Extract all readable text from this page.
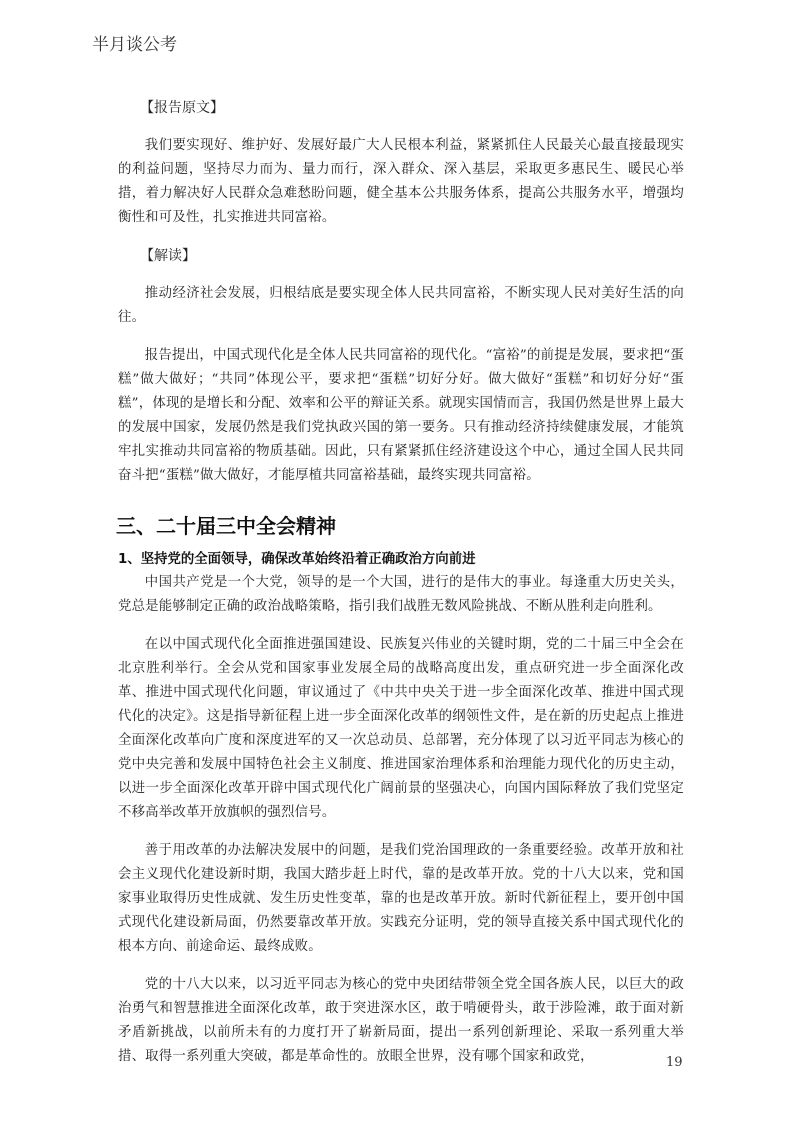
半月谈公考
【报告原文】

我们要实现好、维护好、发展好最广大人民根本利益，紧紧抓住人民最关心最直接最现实的利益问题，坚持尽力而为、量力而行，深入群众、深入基层，采取更多惠民生、暖民心举措，着力解决好人民群众急难愁盼问题，健全基本公共服务体系，提高公共服务水平，增强均衡性和可及性，扎实推进共同富裕。

【解读】

推动经济社会发展，归根结底是要实现全体人民共同富裕，不断实现人民对美好生活的向往。

报告提出，中国式现代化是全体人民共同富裕的现代化。“富裕”的前提是发展，要求把“蛋糕”做大做好；“共同”体现公平，要求把“蛋糕”切好分好。做大做好“蛋糕”和切好分好“蛋糕”，体现的是增长和分配、效率和公平的辩证关系。就现实国情而言，我国仍然是世界上最大的发展中国家，发展仍然是我们党执政兴国的第一要务。只有推动经济持续健康发展，才能筑牢扎实推动共同富裕的物质基础。因此，只有紧紧抓住经济建设这个中心，通过全国人民共同奋斗把“蛋糕”做大做好，才能厚植共同富裕基础，最终实现共同富裕。

三、二十届三中全会精神
1、坚持党的全面领导，确保改革始终沿着正确政治方向前进

中国共产党是一个大党，领导的是一个大国，进行的是伟大的事业。每逢重大历史关头，党总是能够制定正确的政治战略策略，指引我们战胜无数风险挑战、不断从胜利走向胜利。

在以中国式现代化全面推进强国建设、民族复兴伟业的关键时期，党的二十届三中全会在北京胜利举行。全会从党和国家事业发展全局的战略高度出发，重点研究进一步全面深化改革、推进中国式现代化问题，审议通过了《中共中央关于进一步全面深化改革、推进中国式现代化的决定》。这是指导新征程上进一步全面深化改革的纲领性文件，是在新的历史起点上推进全面深化改革向广度和深度进军的又一次总动员、总部署，充分体现了以习近平同志为核心的党中央完善和发展中国特色社会主义制度、推进国家治理体系和治理能力现代化的历史主动，以进一步全面深化改革开辟中国式现代化广阔前景的坚强决心，向国内国际释放了我们党坚定不移高举改革开放旗帜的强烈信号。

善于用改革的办法解决发展中的问题，是我们党治国理政的一条重要经验。改革开放和社会主义现代化建设新时期，我国大踏步赶上时代，靠的是改革开放。党的十八大以来，党和国家事业取得历史性成就、发生历史性变革，靠的也是改革开放。新时代新征程上，要开创中国式现代化建设新局面，仍然要靠改革开放。实践充分证明，党的领导直接关系中国式现代化的根本方向、前途命运、最终成败。

党的十八大以来，以习近平同志为核心的党中央团结带领全党全国各族人民，以巨大的政治勇气和智慧推进全面深化改革，敢于突进深水区，敢于啃硬骨头，敢于涉险滩，敢于面对新矛盾新挑战，以前所未有的力度打开了崭新局面，提出一系列创新理论、采取一系列重大举措、取得一系列重大突破，都是革命性的。放眼全世界，没有哪个国家和政党，	19
